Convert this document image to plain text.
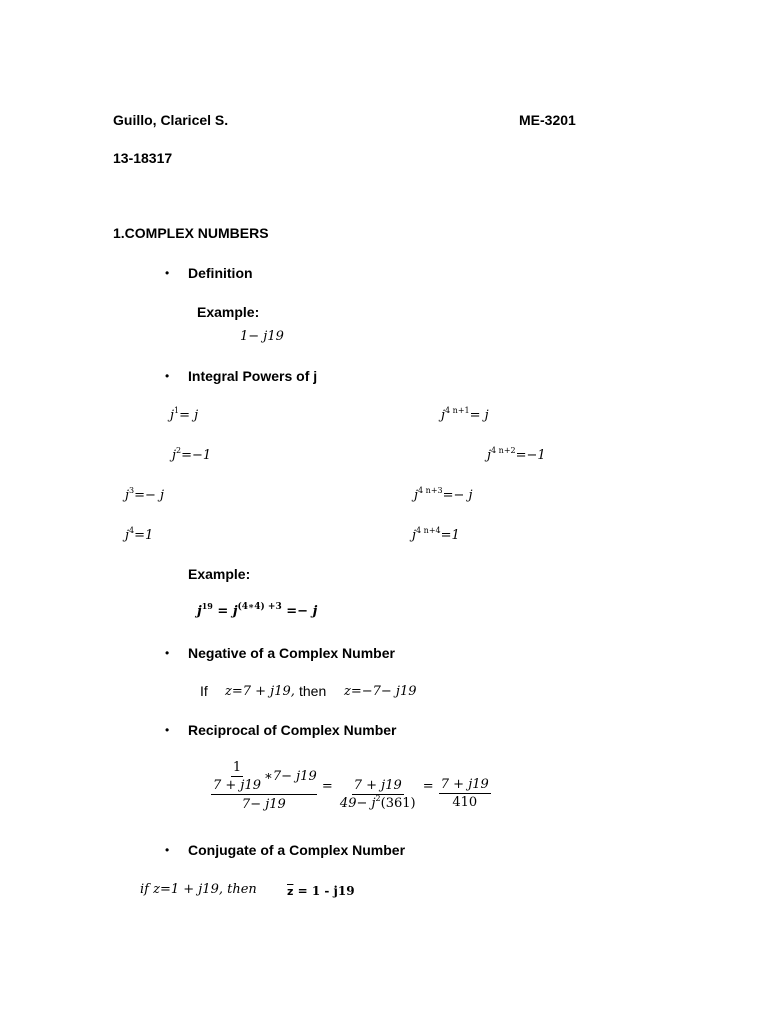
Guillo, Claricel S.	ME-3201
13-18317
1.COMPLEX NUMBERS
• Definition
Example:
1− j19
• Integral Powers of j
$j^1= j$
$j^2=-1$
$j^3=- j$
$j^4=1$
$j^{4 n+1}= j$
$j^{4 n+2}=-1$
$j^{4 n+3}=- j$
$j^{4 n+4}=1$
Example:
$j^{19} = j^{(4∗4) +3} =- j$
• Negative of a Complex Number
If z=7 + j19, then z=−7− j19
• Reciprocal of Complex Number
$\frac{\frac{1}{7 + j19} ∗7- j19}{7- j19} = \frac{7 + j19}{49- j^2(361)} = \frac{7 + j19}{410}$
• Conjugate of a Complex Number
if z=1 + j19, then	$\overline{z} = 1 - j19$
